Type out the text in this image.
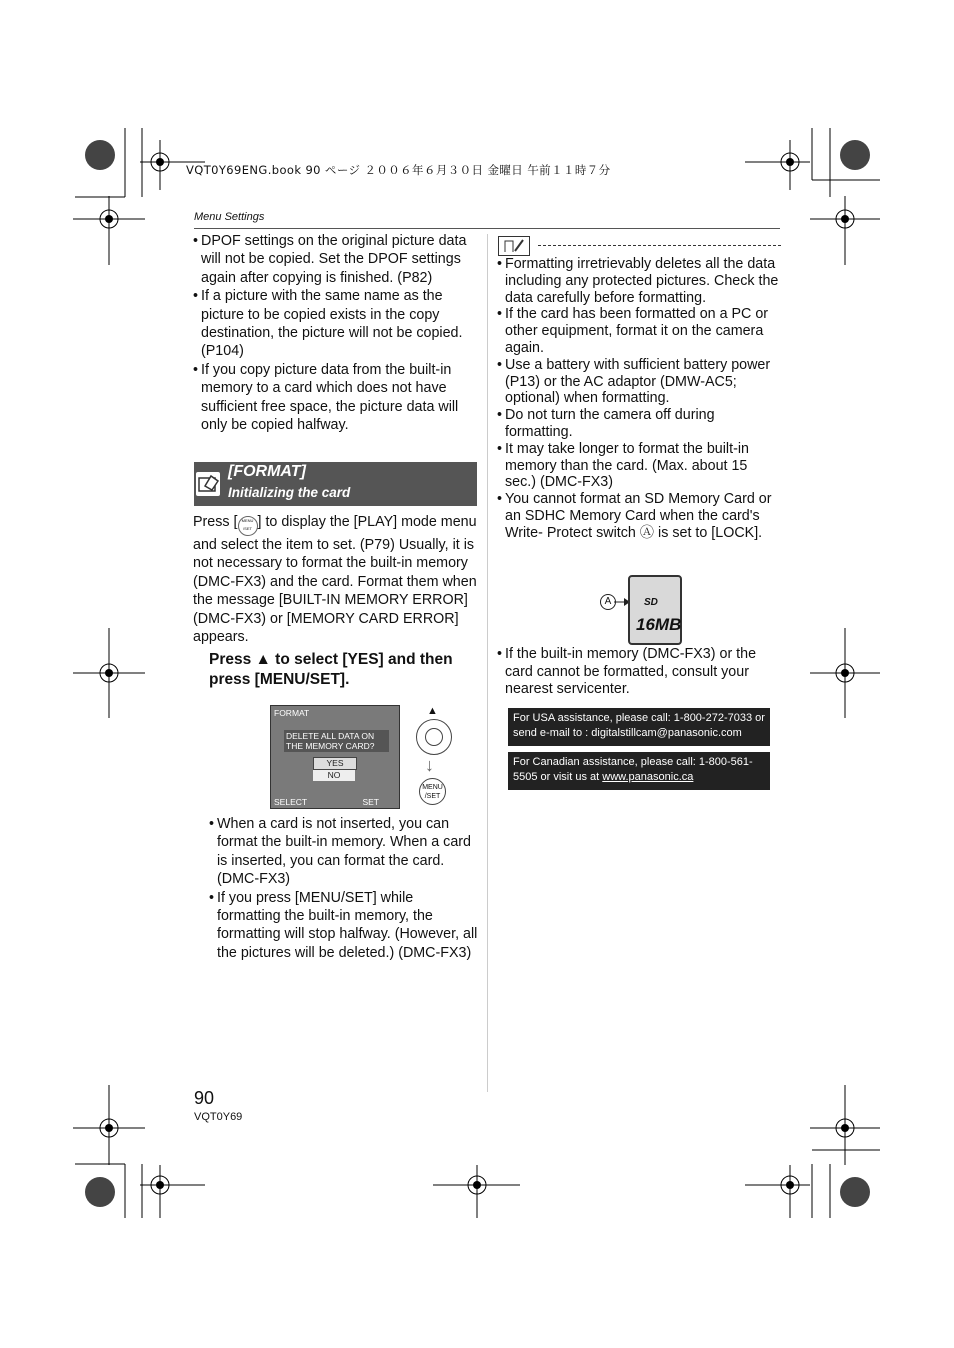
VQT0Y69ENG.book 90 ページ ２００６年６月３０日 金曜日 午前１１時７分
Menu Settings
• DPOF settings on the original picture data will not be copied. Set the DPOF settings again after copying is finished. (P82)
• If a picture with the same name as the picture to be copied exists in the copy destination, the picture will not be copied. (P104)
• If you copy picture data from the built-in memory to a card which does not have sufficient free space, the picture data will only be copied halfway.
[FORMAT]
Initializing the card
Press [ MENU /SET ] to display the [PLAY] mode menu and select the item to set. (P79) Usually, it is not necessary to format the built-in memory (DMC-FX3) and the card. Format them when the message [BUILT-IN MEMORY ERROR] (DMC-FX3) or [MEMORY CARD ERROR] appears.
Press ▲ to select [YES] and then press [MENU/SET].
FORMAT
DELETE ALL DATA ON THE MEMORY CARD?
YES
NO
SELECT	SET
▲
↓
MENU /SET
• When a card is not inserted, you can format the built-in memory. When a card is inserted, you can format the card. (DMC-FX3)
• If you press [MENU/SET] while formatting the built-in memory, the formatting will stop halfway. (However, all the pictures will be deleted.) (DMC-FX3)
• Formatting irretrievably deletes all the data including any protected pictures. Check the data carefully before formatting.
• If the card has been formatted on a PC or other equipment, format it on the camera again.
• Use a battery with sufficient battery power (P13) or the AC adaptor (DMW-AC5; optional) when formatting.
• Do not turn the camera off during formatting.
• It may take longer to format the built-in memory than the card. (Max. about 15 sec.) (DMC-FX3)
• You cannot format an SD Memory Card or an SDHC Memory Card when the card's Write- Protect switch Ⓐ is set to [LOCK].
A	SD
16MB
• If the built-in memory (DMC-FX3) or the card cannot be formatted, consult your nearest servicenter.
For USA assistance, please call: 1-800-272-7033 or send e-mail to : digitalstillcam@panasonic.com
For Canadian assistance, please call: 1-800-561-5505 or visit us at www.panasonic.ca
90
VQT0Y69
